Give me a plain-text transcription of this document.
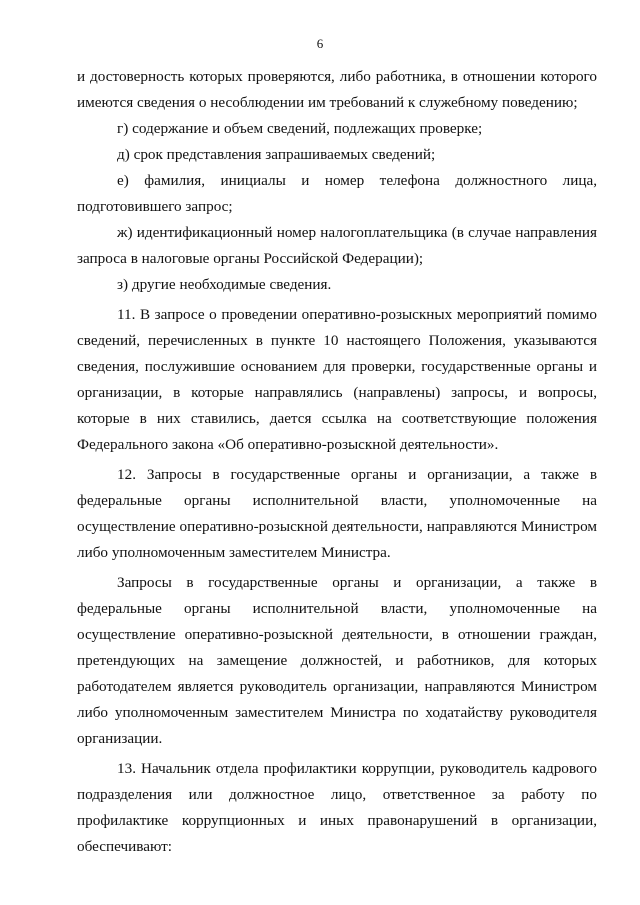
6

и достоверность которых проверяются, либо работника, в отношении которого имеются сведения о несоблюдении им требований к служебному поведению;

г) содержание и объем сведений, подлежащих проверке;

д) срок представления запрашиваемых сведений;

е) фамилия, инициалы и номер телефона должностного лица, подготовившего запрос;

ж) идентификационный номер налогоплательщика (в случае направления запроса в налоговые органы Российской Федерации);

з) другие необходимые сведения.

11. В запросе о проведении оперативно-розыскных мероприятий помимо сведений, перечисленных в пункте 10 настоящего Положения, указываются сведения, послужившие основанием для проверки, государственные органы и организации, в которые направлялись (направлены) запросы, и вопросы, которые в них ставились, дается ссылка на соответствующие положения Федерального закона «Об оперативно-розыскной деятельности».

12. Запросы в государственные органы и организации, а также в федеральные органы исполнительной власти, уполномоченные на осуществление оперативно-розыскной деятельности, направляются Министром либо уполномоченным заместителем Министра.

Запросы в государственные органы и организации, а также в федеральные органы исполнительной власти, уполномоченные на осуществление оперативно-розыскной деятельности, в отношении граждан, претендующих на замещение должностей, и работников, для которых работодателем является руководитель организации, направляются Министром либо уполномоченным заместителем Министра по ходатайству руководителя организации.

13. Начальник отдела профилактики коррупции, руководитель кадрового подразделения или должностное лицо, ответственное за работу по профилактике коррупционных и иных правонарушений в организации, обеспечивают:
